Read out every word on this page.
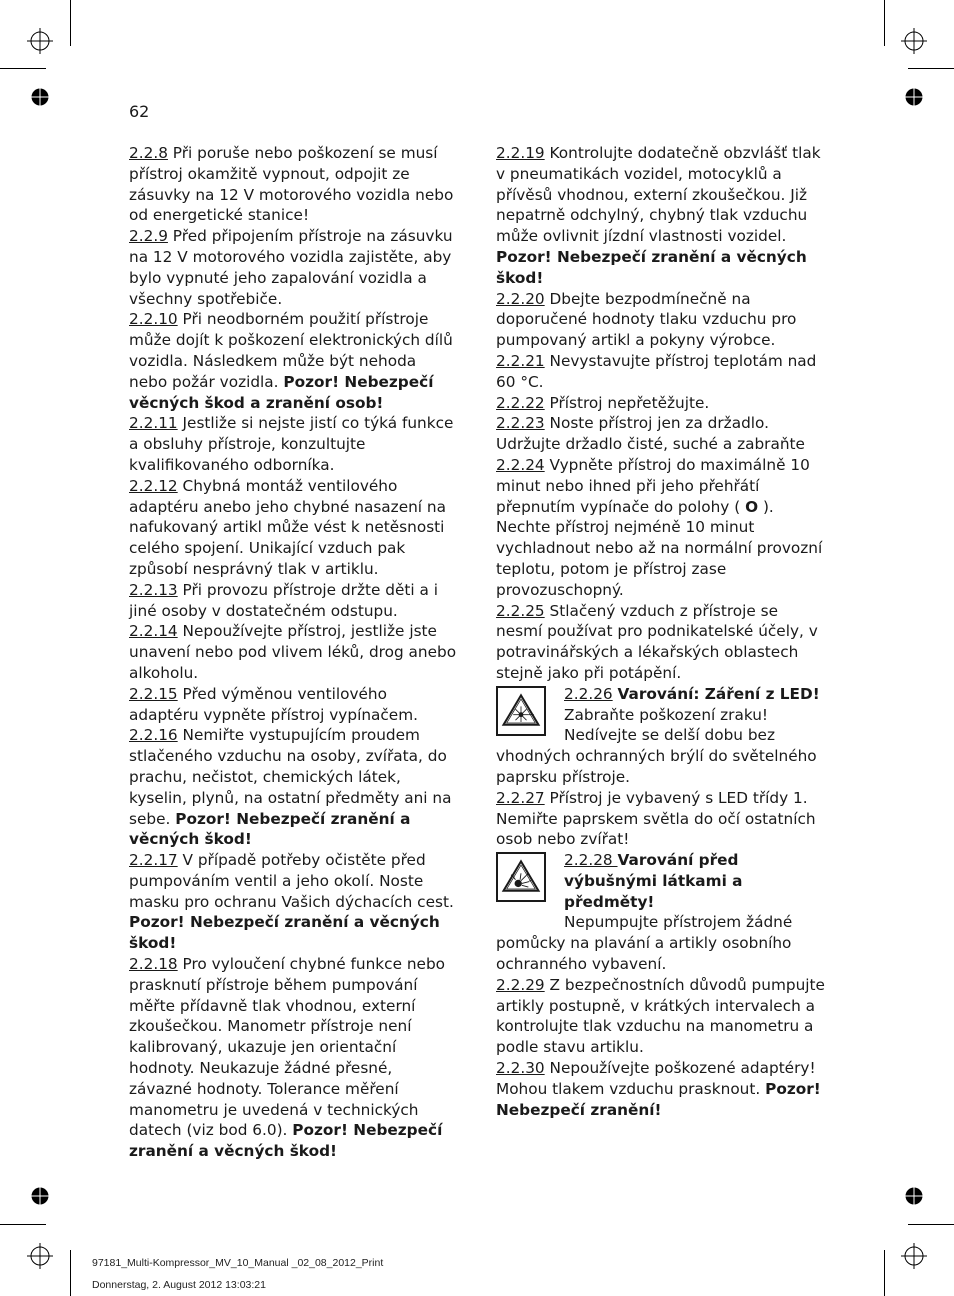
62

2.2.8 Při poruše nebo poškození se musí přístroj okamžitě vypnout, odpojit ze zásuvky na 12 V motorového vozidla nebo od energetické stanice!

2.2.9 Před připojením přístroje na zásuvku na 12 V motorového vozidla zajistěte, aby bylo vypnuté jeho zapalování vozidla a všechny spotřebiče.

2.2.10 Při neodborném použití přístroje může dojít k poškození elektronických dílů vozidla. Následkem může být nehoda nebo požár vozidla. Pozor! Nebezpečí věcných škod a zranění osob!

2.2.11 Jestliže si nejste jistí co týká funkce a obsluhy přístroje, konzultujte kvalifikovaného odborníka.

2.2.12 Chybná montáž ventilového adaptéru anebo jeho chybné nasazení na nafukovaný artikl může vést k netěsnosti celého spojení. Unikající vzduch pak způsobí nesprávný tlak v artiklu.

2.2.13 Při provozu přístroje držte děti a i jiné osoby v dostatečném odstupu.

2.2.14 Nepoužívejte přístroj, jestliže jste unavení nebo pod vlivem léků, drog anebo alkoholu.

2.2.15 Před výměnou ventilového adaptéru vypněte přístroj vypínačem.

2.2.16 Nemiřte vystupujícím proudem stlačeného vzduchu na osoby, zvířata, do prachu, nečistot, chemických látek, kyselin, plynů, na ostatní předměty ani na sebe. Pozor! Nebezpečí zranění a věcných škod!

2.2.17 V případě potřeby očistěte před pumpováním ventil a jeho okolí. Noste masku pro ochranu Vašich dýchacích cest. Pozor! Nebezpečí zranění a věcných škod!

2.2.18 Pro vyloučení chybné funkce nebo prasknutí přístroje během pumpování měřte přídavně tlak vhodnou, externí zkoušečkou. Manometr přístroje není kalibrovaný, ukazuje jen orientační hodnoty. Neukazuje žádné přesné, závazné hodnoty. Tolerance měření manometru je uvedená v technických datech (viz bod 6.0). Pozor! Nebezpečí zranění a věcných škod!

2.2.19 Kontrolujte dodatečně obzvlášť tlak v pneumatikách vozidel, motocyklů a přívěsů vhodnou, externí zkoušečkou. Již nepatrně odchylný, chybný tlak vzduchu může ovlivnit jízdní vlastnosti vozidel. Pozor! Nebezpečí zranění a věcných škod!

2.2.20 Dbejte bezpodmínečně na doporučené hodnoty tlaku vzduchu pro pumpovaný artikl a pokyny výrobce.

2.2.21 Nevystavujte přístroj teplotám nad 60 °C.

2.2.22 Přístroj nepřetěžujte.

2.2.23 Noste přístroj jen za držadlo. Udržujte držadlo čisté, suché a zabraňte

2.2.24 Vypněte přístroj do maximálně 10 minut nebo ihned při jeho přehřátí přepnutím vypínače do polohy ( O ). Nechte přístroj nejméně 10 minut vychladnout nebo až na normální provozní teplotu, potom je přístroj zase provozuschopný.

2.2.25 Stlačený vzduch z přístroje se nesmí používat pro podnikatelské účely, v potravinářských a lékařských oblastech stejně jako při potápění.

2.2.26 Varování: Záření z LED!
Zabraňte poškození zraku!
Nedívejte se delší dobu bez
vhodných ochranných brýlí do světelného paprsku přístroje.

2.2.27 Přístroj je vybavený s LED třídy 1. Nemiřte paprskem světla do očí ostatních osob nebo zvířat!

2.2.28 Varování před výbušnými látkami a předměty!
Nepumpujte přístrojem žádné
pomůcky na plavání a artikly osobního ochranného vybavení.

2.2.29 Z bezpečnostních důvodů pumpujte artikly postupně, v krátkých intervalech a kontrolujte tlak vzduchu na manometru a podle stavu artiklu.

2.2.30 Nepoužívejte poškozené adaptéry! Mohou tlakem vzduchu prasknout. Pozor! Nebezpečí zranění!

97181_Multi-Kompressor_MV_10_Manual _02_08_2012_Print
Donnerstag, 2. August 2012 13:03:21
